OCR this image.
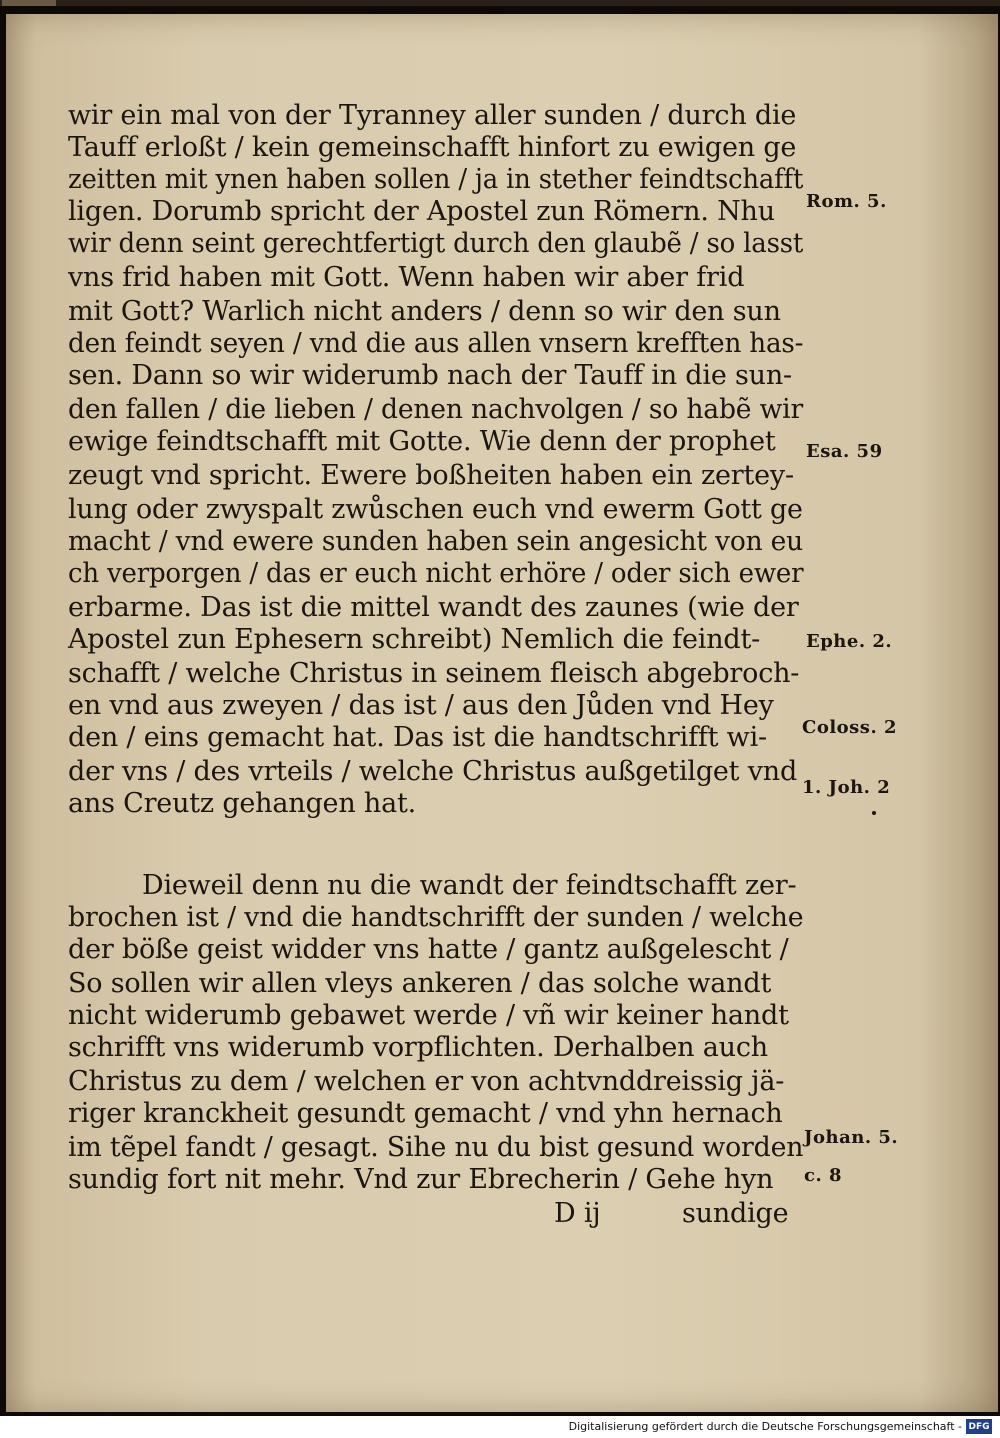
wir ein mal von der Tyranney aller sunden / durch die
Tauff erloßt / kein gemeinschafft hinfort zu ewigen ge
zeitten mit ynen haben sollen / ja in stether feindtschafft
ligen. Dorumb spricht der Apostel zun Römern. Nhu
wir denn seint gerechtfertigt durch den glaubẽ / so lasst
vns frid haben mit Gott. Wenn haben wir aber frid
mit Gott? Warlich nicht anders / denn so wir den sun
den feindt seyen / vnd die aus allen vnsern krefften has‑
sen. Dann so wir widerumb nach der Tauff in die sun‑
den fallen / die lieben / denen nachvolgen / so habẽ wir
ewige feindtschafft mit Gotte. Wie denn der prophet
zeugt vnd spricht. Ewere boßheiten haben ein zertey‑
lung oder zwyspalt zwůschen euch vnd ewerm Gott ge
macht / vnd ewere sunden haben sein angesicht von eu
ch verporgen / das er euch nicht erhöre / oder sich ewer
erbarme. Das ist die mittel wandt des zaunes (wie der
Apostel zun Ephesern schreibt) Nemlich die feindt‑
schafft / welche Christus in seinem fleisch abgebroch‑
en vnd aus zweyen / das ist / aus den Jůden vnd Hey
den / eins gemacht hat. Das ist die handtschrifft wi‑
der vns / des vrteils / welche Christus außgetilget vnd
ans Creutz gehangen hat.
Dieweil denn nu die wandt der feindtschafft zer‑
brochen ist / vnd die handtschrifft der sunden / welche
der böße geist widder vns hatte / gantz außgelescht /
So sollen wir allen vleys ankeren / das solche wandt
nicht widerumb gebawet werde / vñ wir keiner handt
schrifft vns widerumb vorpflichten. Derhalben auch
Christus zu dem / welchen er von achtvnddreissig jä‑
riger kranckheit gesundt gemacht / vnd yhn hernach
im tẽpel fandt / gesagt. Sihe nu du bist gesund worden
sundig fort nit mehr. Vnd zur Ebrecherin / Gehe hyn
D ij	sundige
Rom. 5.
Esa. 59
Ephe. 2.
Coloss. 2
1. Joh. 2
Johan. 5.
c. 8
Digitalisierung gefördert durch die Deutsche Forschungsgemeinschaft - DFG
